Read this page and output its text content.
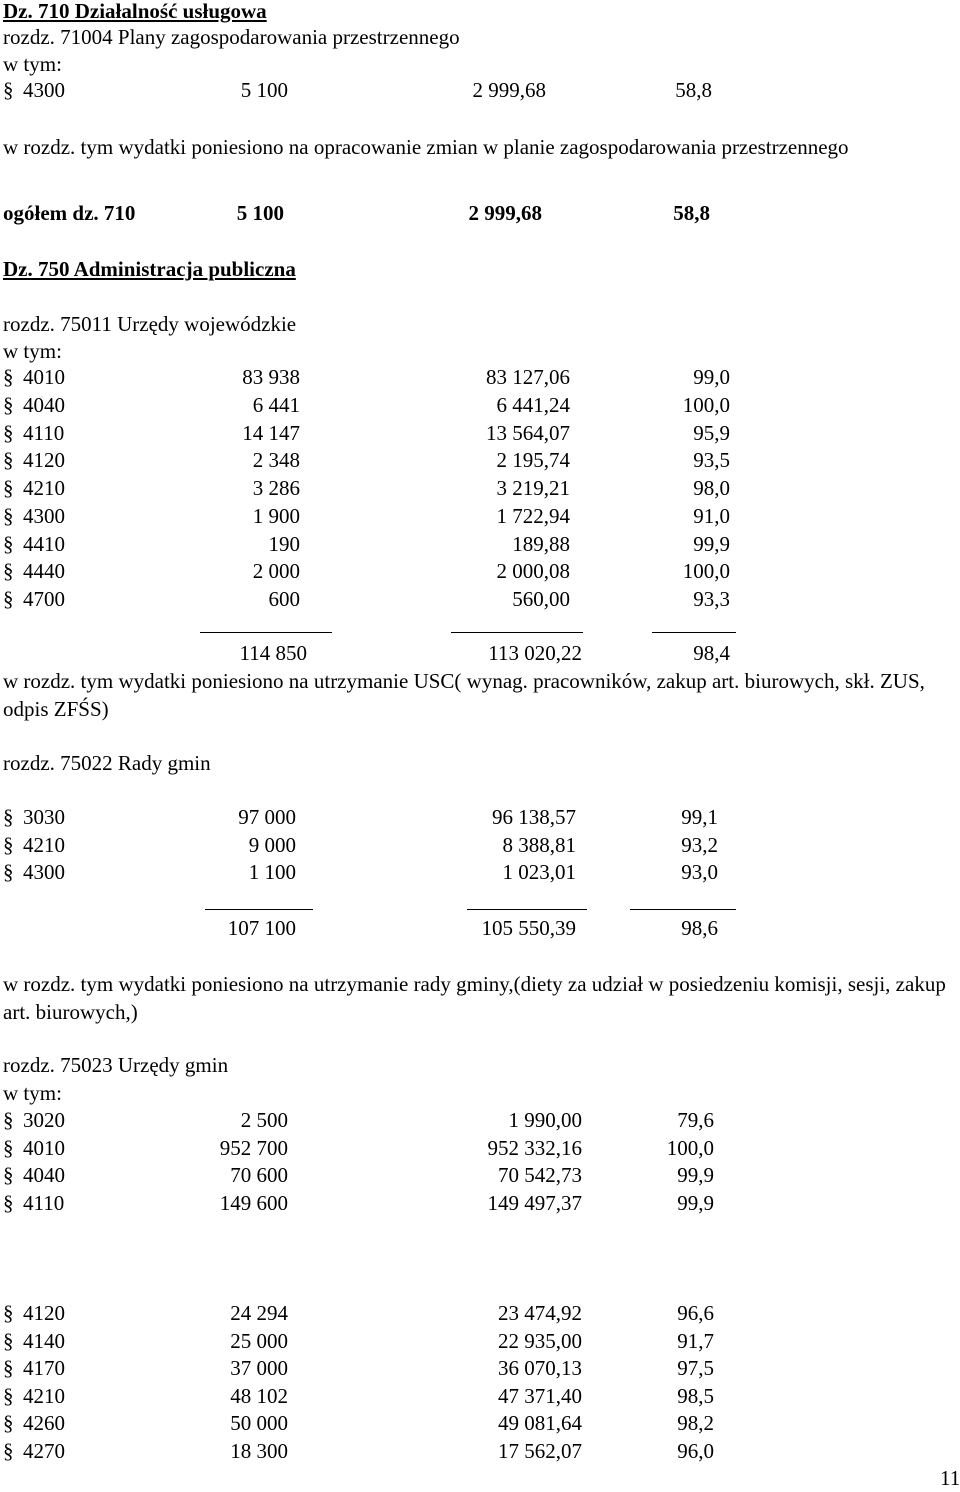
Dz. 710 Działalność usługowa
rozdz. 71004 Plany zagospodarowania przestrzennego
w tym:
§ 4300	5 100	2 999,68	58,8
w rozdz. tym wydatki poniesiono na opracowanie zmian w planie zagospodarowania przestrzennego
ogółem dz. 710	5 100	2 999,68	58,8
Dz. 750 Administracja publiczna
rozdz. 75011 Urzędy wojewódzkie
w tym:
§ 4010	83 938	83 127,06	99,0
§ 4040	6 441	6 441,24	100,0
§ 4110	14 147	13 564,07	95,9
§ 4120	2 348	2 195,74	93,5
§ 4210	3 286	3 219,21	98,0
§ 4300	1 900	1 722,94	91,0
§ 4410	190	189,88	99,9
§ 4440	2 000	2 000,08	100,0
§ 4700	600	560,00	93,3
114 850	113 020,22	98,4
w rozdz. tym wydatki poniesiono na utrzymanie USC( wynag. pracowników, zakup art. biurowych, skł. ZUS, odpis ZFŚS)
rozdz. 75022 Rady gmin
§ 3030	97 000	96 138,57	99,1
§ 4210	9 000	8 388,81	93,2
§ 4300	1 100	1 023,01	93,0
107 100	105 550,39	98,6
w rozdz. tym wydatki poniesiono na utrzymanie rady gminy,(diety za udział w posiedzeniu komisji, sesji, zakup art. biurowych,)
rozdz. 75023 Urzędy gmin
w tym:
§ 3020	2 500	1 990,00	79,6
§ 4010	952 700	952 332,16	100,0
§ 4040	70 600	70 542,73	99,9
§ 4110	149 600	149 497,37	99,9
§ 4120	24 294	23 474,92	96,6
§ 4140	25 000	22 935,00	91,7
§ 4170	37 000	36 070,13	97,5
§ 4210	48 102	47 371,40	98,5
§ 4260	50 000	49 081,64	98,2
§ 4270	18 300	17 562,07	96,0
11
